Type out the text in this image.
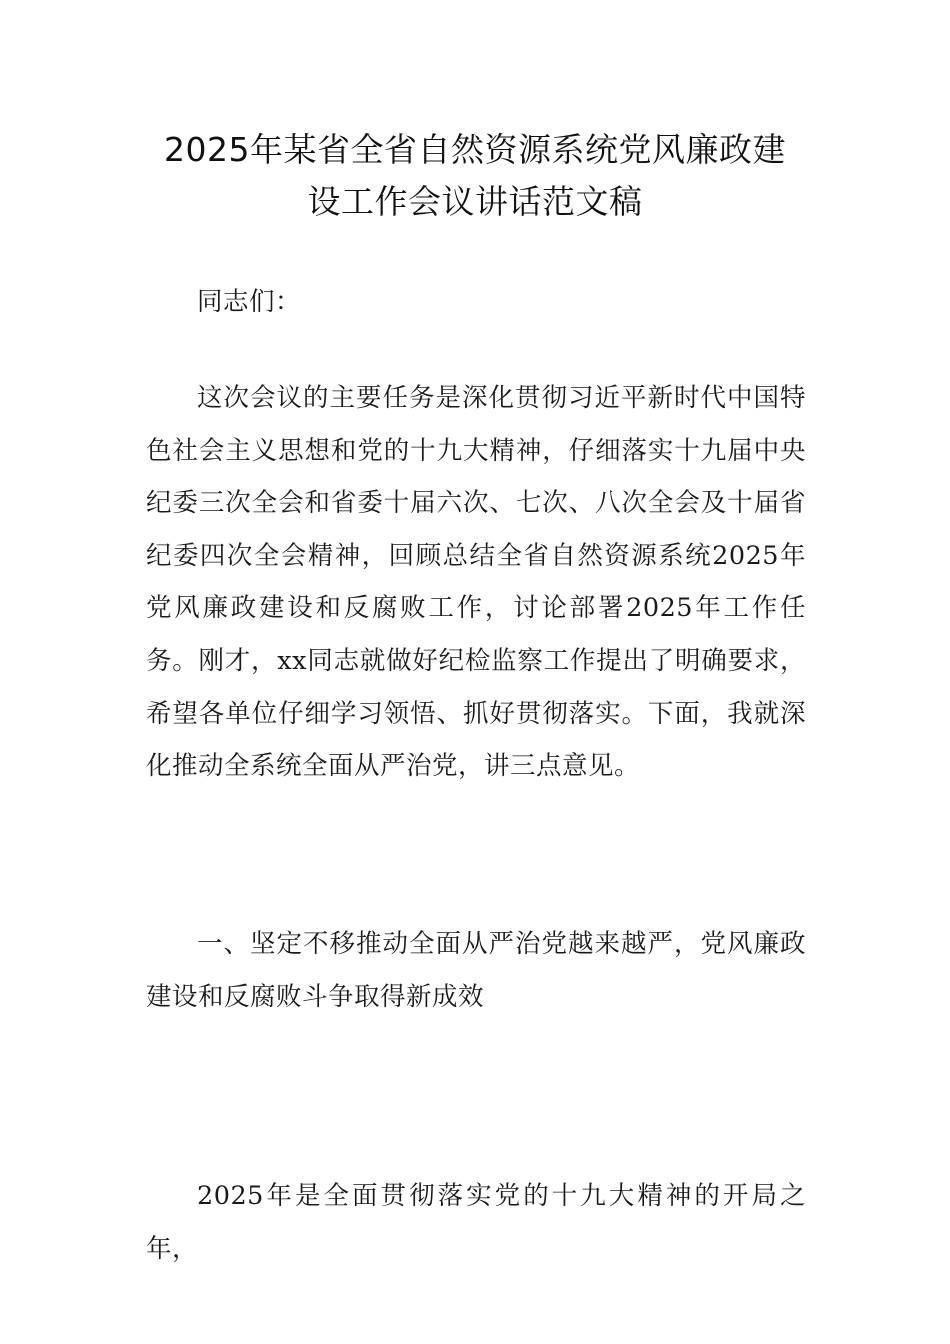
2025年某省全省自然资源系统党风廉政建
设工作会议讲话范文稿

同志们：

这次会议的主要任务是深化贯彻习近平新时代中国特色社会主义思想和党的十九大精神，仔细落实十九届中央纪委三次全会和省委十届六次、七次、八次全会及十届省纪委四次全会精神，回顾总结全省自然资源系统2025年党风廉政建设和反腐败工作，讨论部署2025年工作任务。刚才，xx同志就做好纪检监察工作提出了明确要求，希望各单位仔细学习领悟、抓好贯彻落实。下面，我就深化推动全系统全面从严治党，讲三点意见。

一、坚定不移推动全面从严治党越来越严，党风廉政建设和反腐败斗争取得新成效

2025年是全面贯彻落实党的十九大精神的开局之年，
